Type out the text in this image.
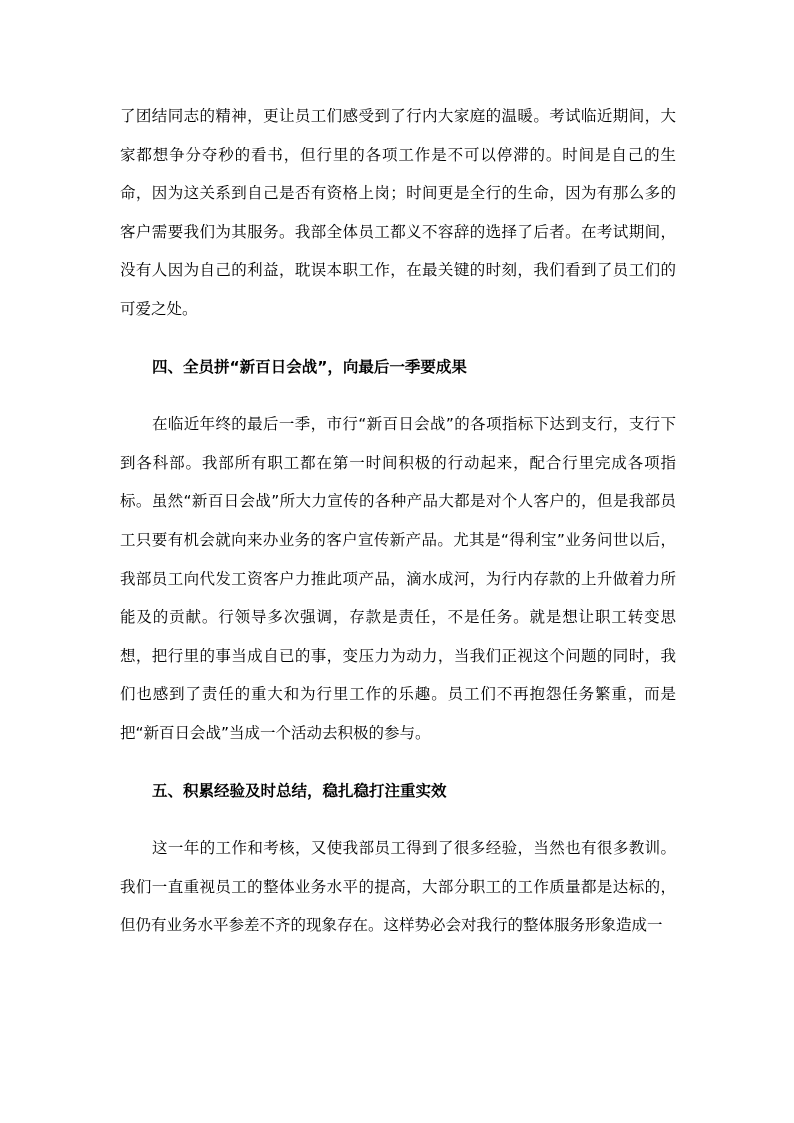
了团结同志的精神，更让员工们感受到了行内大家庭的温暖。考试临近期间，大家都想争分夺秒的看书，但行里的各项工作是不可以停滞的。时间是自己的生命，因为这关系到自己是否有资格上岗；时间更是全行的生命，因为有那么多的客户需要我们为其服务。我部全体员工都义不容辞的选择了后者。在考试期间，没有人因为自己的利益，耽误本职工作，在最关键的时刻，我们看到了员工们的可爱之处。

四、全员拼“新百日会战”，向最后一季要成果

在临近年终的最后一季，市行“新百日会战”的各项指标下达到支行，支行下到各科部。我部所有职工都在第一时间积极的行动起来，配合行里完成各项指标。虽然“新百日会战”所大力宣传的各种产品大都是对个人客户的，但是我部员工只要有机会就向来办业务的客户宣传新产品。尤其是“得利宝”业务问世以后，我部员工向代发工资客户力推此项产品，滴水成河，为行内存款的上升做着力所能及的贡献。行领导多次强调，存款是责任，不是任务。就是想让职工转变思想，把行里的事当成自已的事，变压力为动力，当我们正视这个问题的同时，我们也感到了责任的重大和为行里工作的乐趣。员工们不再抱怨任务繁重，而是把“新百日会战”当成一个活动去积极的参与。

五、积累经验及时总结，稳扎稳打注重实效

这一年的工作和考核，又使我部员工得到了很多经验，当然也有很多教训。我们一直重视员工的整体业务水平的提高，大部分职工的工作质量都是达标的，但仍有业务水平参差不齐的现象存在。这样势必会对我行的整体服务形象造成一
